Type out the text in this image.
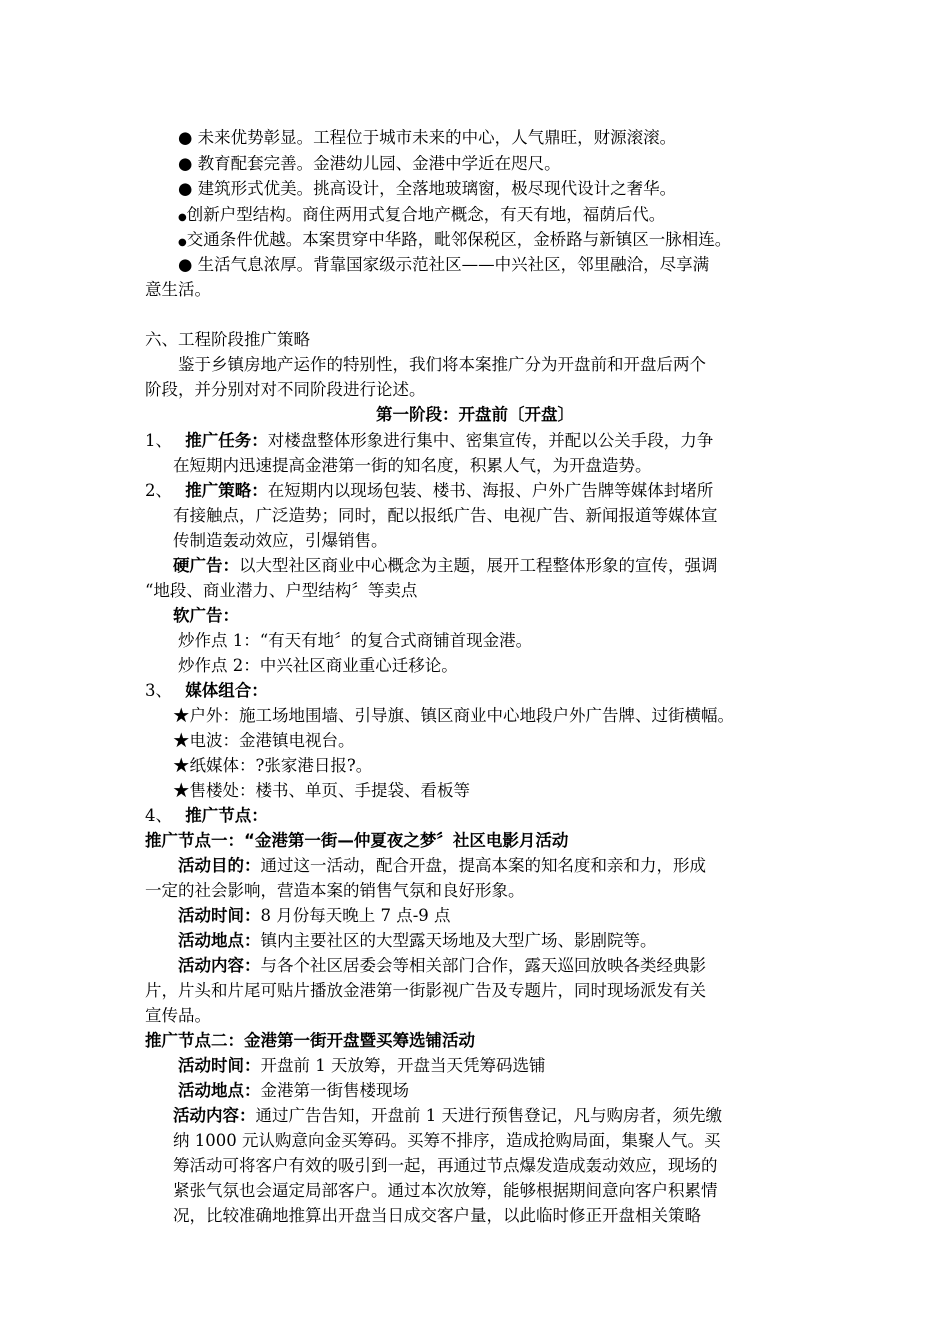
● 未来优势彰显。工程位于城市未来的中心，人气鼎旺，财源滚滚。
● 教育配套完善。金港幼儿园、金港中学近在咫尺。
● 建筑形式优美。挑高设计，全落地玻璃窗，极尽现代设计之奢华。
●创新户型结构。商住两用式复合地产概念，有天有地，福荫后代。
●交通条件优越。本案贯穿中华路，毗邻保税区，金桥路与新镇区一脉相连。
● 生活气息浓厚。背靠国家级示范社区——中兴社区，邻里融洽，尽享满
意生活。
六、工程阶段推广策略
鉴于乡镇房地产运作的特别性，我们将本案推广分为开盘前和开盘后两个
阶段，并分别对对不同阶段进行论述。
第一阶段：开盘前〔开盘〕
1、 推广任务：对楼盘整体形象进行集中、密集宣传，并配以公关手段，力争
在短期内迅速提高金港第一街的知名度，积累人气，为开盘造势。
2、 推广策略：在短期内以现场包装、楼书、海报、户外广告牌等媒体封堵所
有接触点，广泛造势；同时，配以报纸广告、电视广告、新闻报道等媒体宣
传制造轰动效应，引爆销售。
硬广告：以大型社区商业中心概念为主题，展开工程整体形象的宣传，强调
“地段、商业潜力、户型结构〞等卖点
软广告：
炒作点 1：“有天有地〞的复合式商铺首现金港。
炒作点 2：中兴社区商业重心迁移论。
3、 媒体组合：
★户外：施工场地围墙、引导旗、镇区商业中心地段户外广告牌、过街横幅。
★电波：金港镇电视台。
★纸媒体：?张家港日报?。
★售楼处：楼书、单页、手提袋、看板等
4、 推广节点：
推广节点一：“金港第一街—仲夏夜之梦〞社区电影月活动
活动目的：通过这一活动，配合开盘，提高本案的知名度和亲和力，形成
一定的社会影响，营造本案的销售气氛和良好形象。
活动时间：8 月份每天晚上 7 点-9 点
活动地点：镇内主要社区的大型露天场地及大型广场、影剧院等。
活动内容：与各个社区居委会等相关部门合作，露天巡回放映各类经典影
片，片头和片尾可贴片播放金港第一街影视广告及专题片，同时现场派发有关
宣传品。
推广节点二：金港第一街开盘暨买筹选铺活动
活动时间：开盘前 1 天放筹，开盘当天凭筹码选铺
活动地点：金港第一街售楼现场
活动内容：通过广告告知，开盘前 1 天进行预售登记，凡与购房者，须先缴
纳 1000 元认购意向金买筹码。买筹不排序，造成抢购局面，集聚人气。买
筹活动可将客户有效的吸引到一起，再通过节点爆发造成轰动效应，现场的
紧张气氛也会逼定局部客户。通过本次放筹，能够根据期间意向客户积累情
况，比较准确地推算出开盘当日成交客户量，以此临时修正开盘相关策略
